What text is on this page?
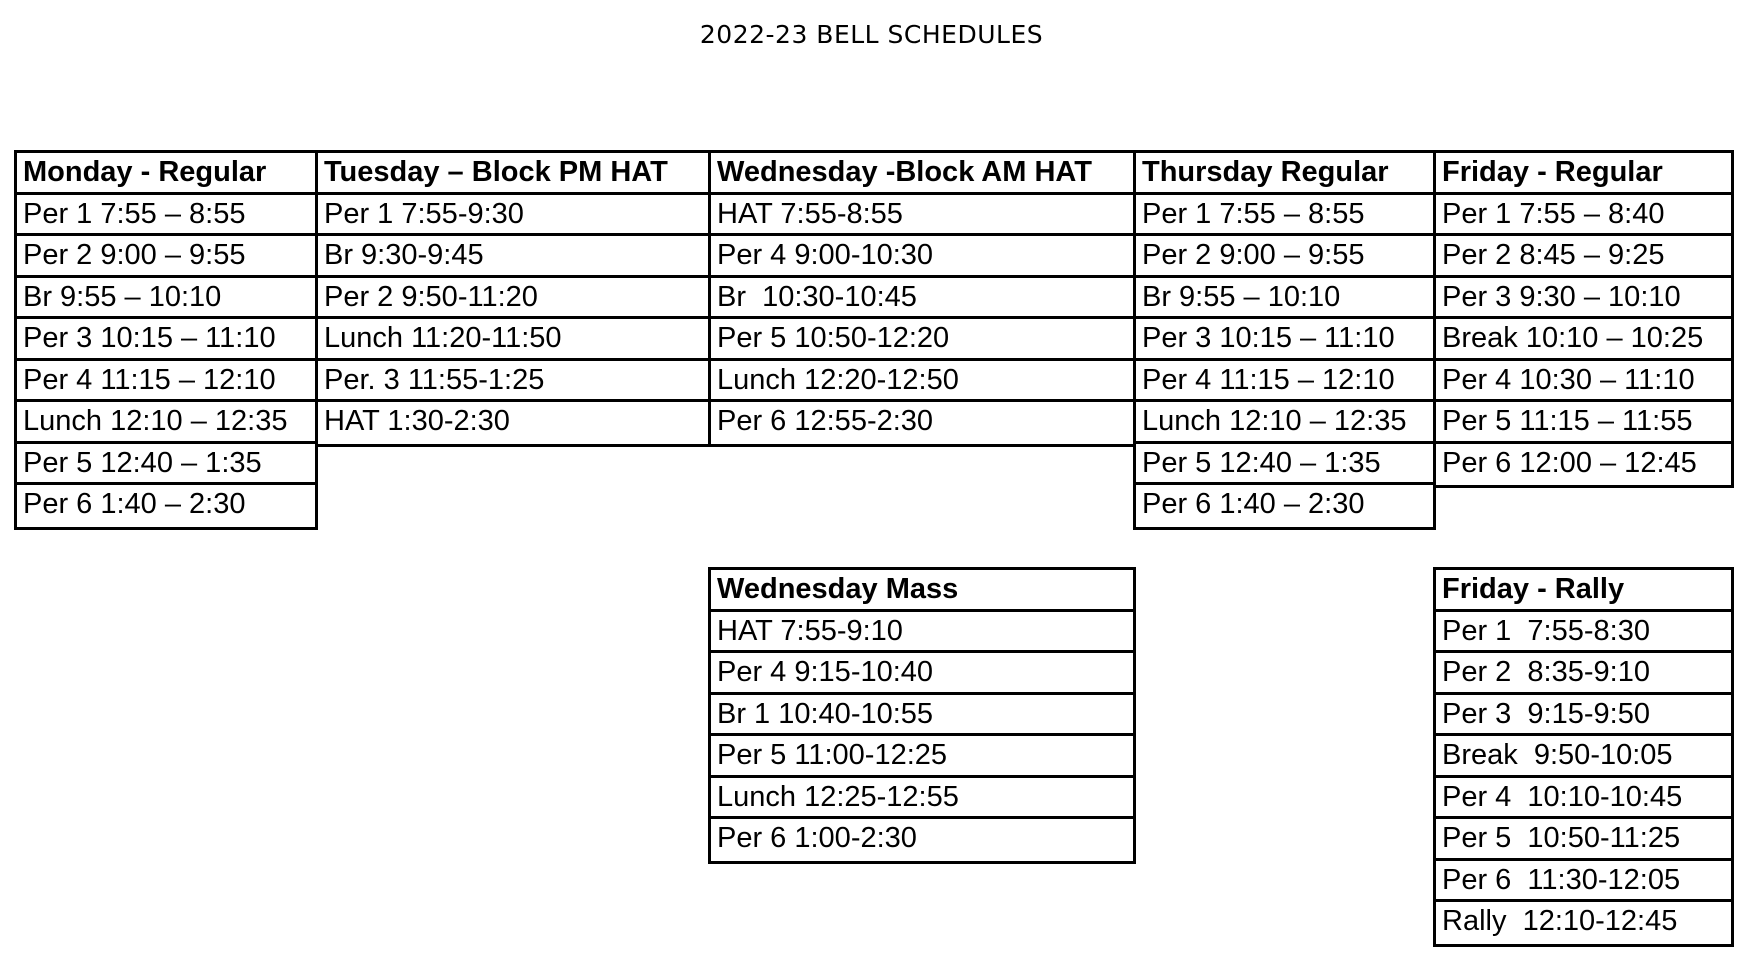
2022-23 BELL SCHEDULES
Monday - Regular
Per 1 7:55 – 8:55
Per 2 9:00 – 9:55
Br 9:55 – 10:10
Per 3 10:15 – 11:10
Per 4 11:15 – 12:10
Lunch 12:10 – 12:35
Per 5 12:40 – 1:35
Per 6 1:40 – 2:30
Tuesday – Block PM HAT
Per 1 7:55-9:30
Br 9:30-9:45
Per 2 9:50-11:20
Lunch 11:20-11:50
Per. 3 11:55-1:25
HAT 1:30-2:30
Wednesday -Block AM HAT
HAT 7:55-8:55
Per 4 9:00-10:30
Br  10:30-10:45
Per 5 10:50-12:20
Lunch 12:20-12:50
Per 6 12:55-2:30
Thursday Regular
Per 1 7:55 – 8:55
Per 2 9:00 – 9:55
Br 9:55 – 10:10
Per 3 10:15 – 11:10
Per 4 11:15 – 12:10
Lunch 12:10 – 12:35
Per 5 12:40 – 1:35
Per 6 1:40 – 2:30
Friday - Regular
Per 1 7:55 – 8:40
Per 2 8:45 – 9:25
Per 3 9:30 – 10:10
Break 10:10 – 10:25
Per 4 10:30 – 11:10
Per 5 11:15 – 11:55
Per 6 12:00 – 12:45
Wednesday Mass
HAT 7:55-9:10
Per 4 9:15-10:40
Br 1 10:40-10:55
Per 5 11:00-12:25
Lunch 12:25-12:55
Per 6 1:00-2:30
Friday - Rally
Per 1  7:55-8:30
Per 2  8:35-9:10
Per 3  9:15-9:50
Break  9:50-10:05
Per 4  10:10-10:45
Per 5  10:50-11:25
Per 6  11:30-12:05
Rally  12:10-12:45
